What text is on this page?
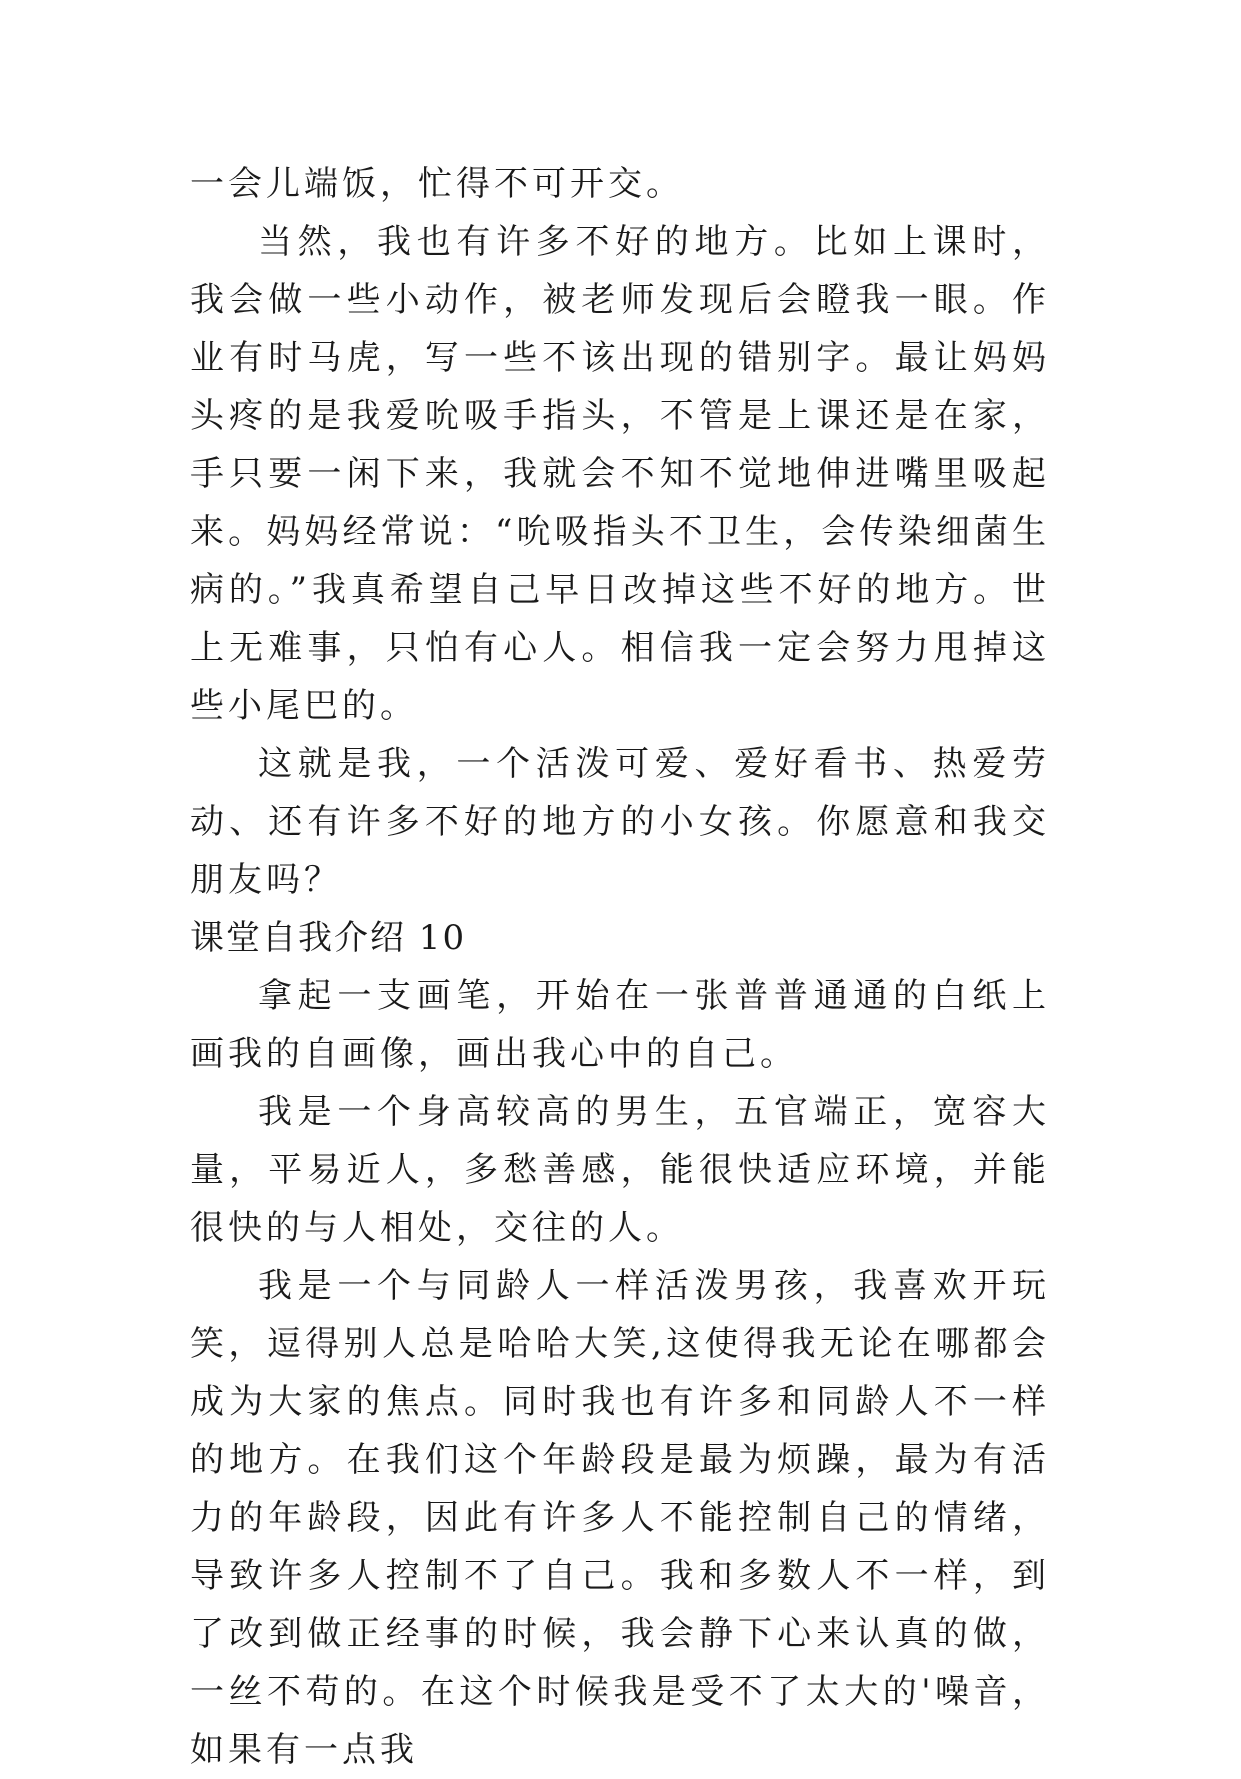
一会儿端饭，忙得不可开交。

当然，我也有许多不好的地方。比如上课时，我会做一些小动作，被老师发现后会瞪我一眼。作业有时马虎，写一些不该出现的错别字。最让妈妈头疼的是我爱吮吸手指头，不管是上课还是在家，手只要一闲下来，我就会不知不觉地伸进嘴里吸起来。妈妈经常说：“吮吸指头不卫生，会传染细菌生病的。”我真希望自己早日改掉这些不好的地方。世上无难事，只怕有心人。相信我一定会努力甩掉这些小尾巴的。

这就是我，一个活泼可爱、爱好看书、热爱劳动、还有许多不好的地方的小女孩。你愿意和我交朋友吗？

课堂自我介绍 10

拿起一支画笔，开始在一张普普通通的白纸上画我的自画像，画出我心中的自己。

我是一个身高较高的男生，五官端正，宽容大量，平易近人，多愁善感，能很快适应环境，并能很快的与人相处，交往的人。

我是一个与同龄人一样活泼男孩，我喜欢开玩笑，逗得别人总是哈哈大笑,这使得我无论在哪都会成为大家的焦点。同时我也有许多和同龄人不一样的地方。在我们这个年龄段是最为烦躁，最为有活力的年龄段，因此有许多人不能控制自己的情绪，导致许多人控制不了自己。我和多数人不一样，到了改到做正经事的时候，我会静下心来认真的做，一丝不苟的。在这个时候我是受不了太大的'噪音，如果有一点我
